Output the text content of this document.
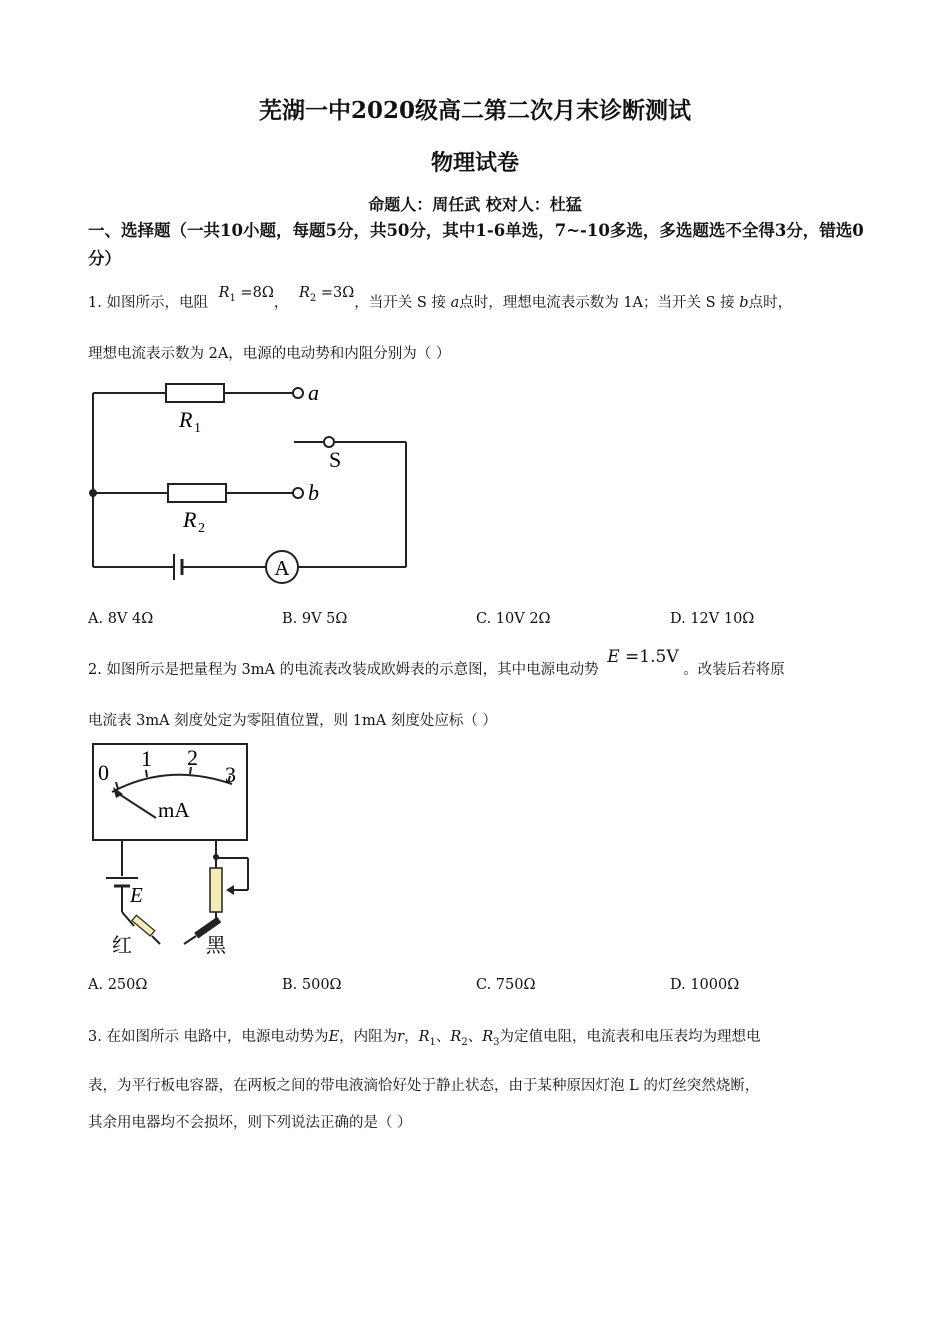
芜湖一中2020级高二第二次月末诊断测试
物理试卷
命题人：周任武 校对人：杜猛
一、选择题（一共10小题，每题5分，共50分，其中1-6单选，7~-10多选，多选题选不全得3分，错选0分）
1. 如图所示，电阻 $R_1 =8\Omega$， $R_2 =3\Omega$，当开关 S 接 a点时，理想电流表示数为 1A；当开关 S 接 b点时，
理想电流表示数为 2A，电源的电动势和内阻分别为（ ）
a
b
S
R 1
R 2
A
A. 8V 4Ω	B. 9V 5Ω	C. 10V 2Ω	D. 12V 10Ω
2. 如图所示是把量程为 3mA 的电流表改装成欧姆表的示意图，其中电源电动势 E =1.5V 。改装后若将原
电流表 3mA 刻度处定为零阻值位置，则 1mA 刻度处应标（ ）
0
1 2
3
mA
E
红	黑
A. 250Ω	B. 500Ω	C. 750Ω	D. 1000Ω
3. 在如图所示 电路中，电源电动势为E，内阻为r，$R_1$、$R_2$、$R_3$为定值电阻，电流表和电压表均为理想电
表，为平行板电容器，在两板之间的带电液滴恰好处于静止状态，由于某种原因灯泡 L 的灯丝突然烧断，
其余用电器均不会损坏，则下列说法正确的是（ ）
